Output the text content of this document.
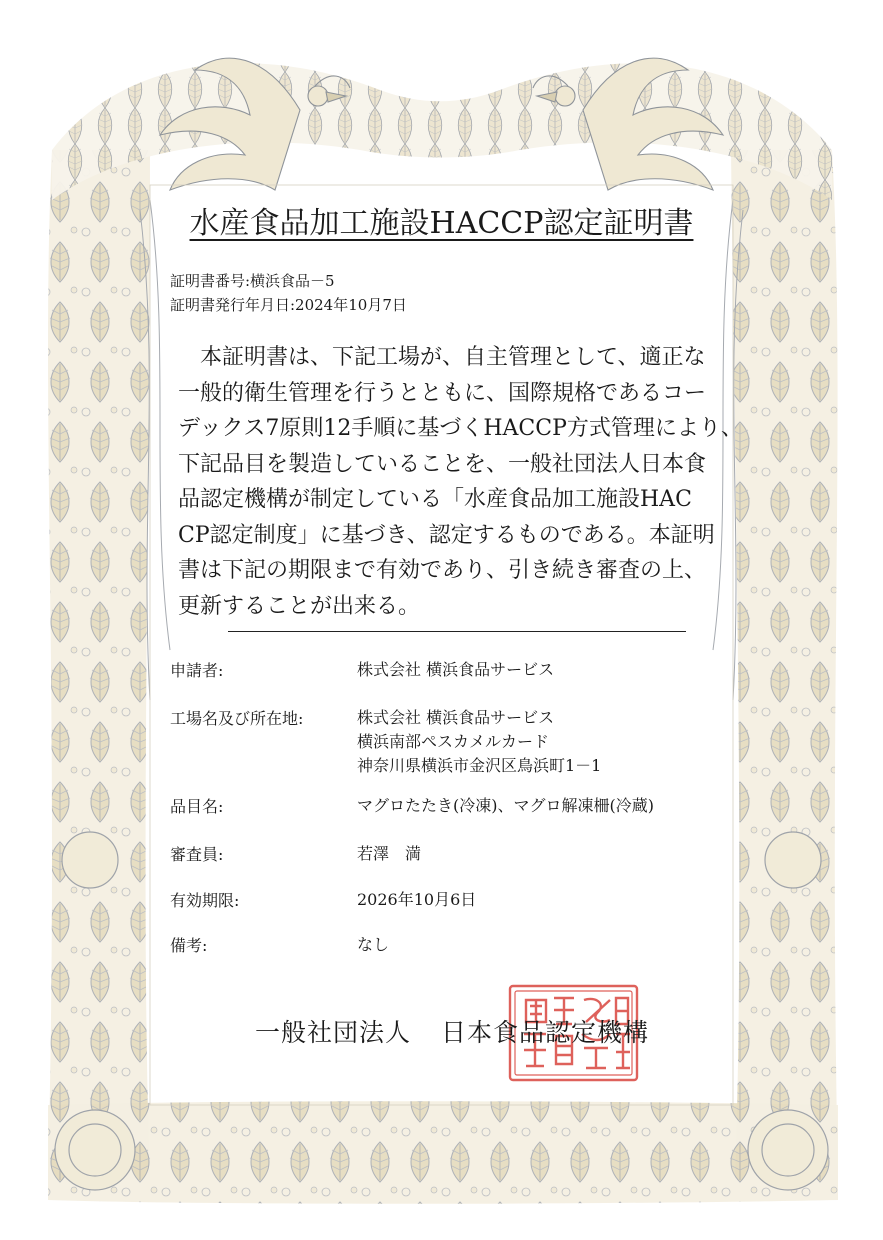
水産食品加工施設HACCP認定証明書
証明書番号:横浜食品－5
証明書発行年月日:2024年10月7日
　本証明書は、下記工場が、自主管理として、適正な
一般的衛生管理を行うとともに、国際規格であるコー
デックス7原則12手順に基づくHACCP方式管理により、
下記品目を製造していることを、一般社団法人日本食
品認定機構が制定している「水産食品加工施設HAC
CP認定制度」に基づき、認定するものである。本証明
書は下記の期限まで有効であり、引き続き審査の上、
更新することが出来る。
申請者:	株式会社 横浜食品サービス
工場名及び所在地:	株式会社 横浜食品サービス
横浜南部ペスカメルカード
神奈川県横浜市金沢区鳥浜町1－1
品目名:	マグロたたき(冷凍)、マグロ解凍柵(冷蔵)
審査員:	若澤　満
有効期限:	2026年10月6日
備考:	なし
一般社団法人 日本食品認定機構
